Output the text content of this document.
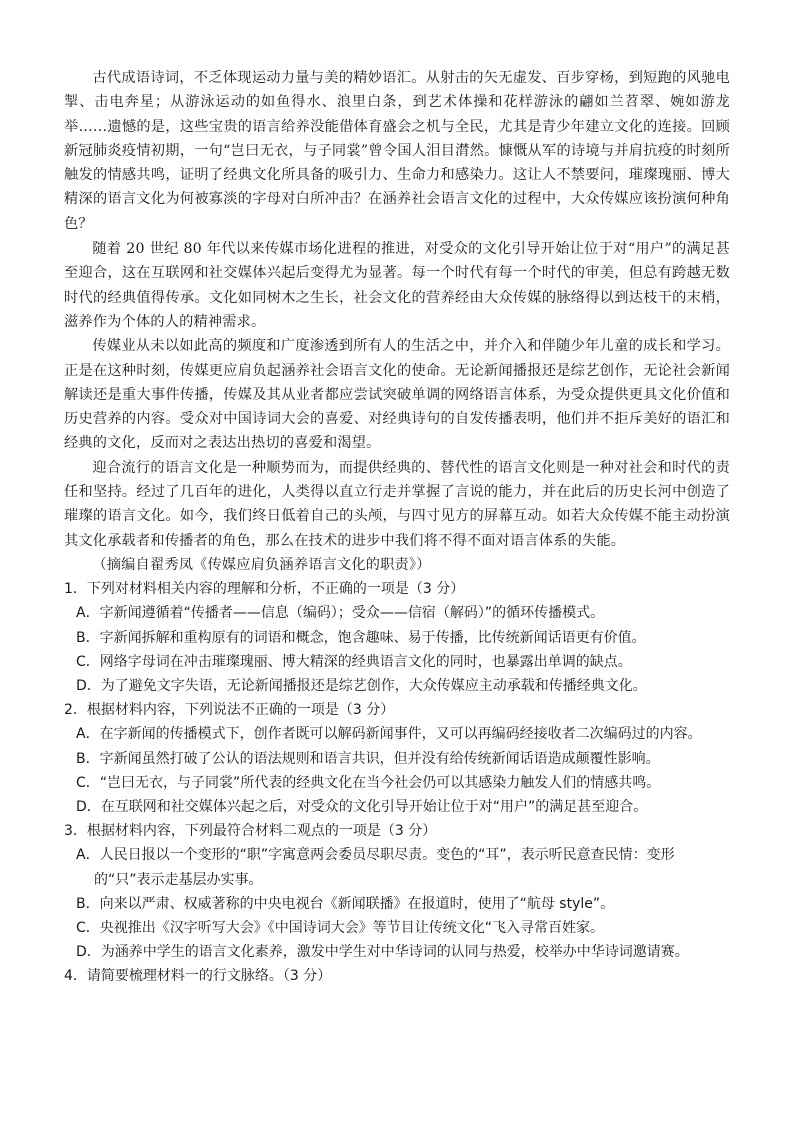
古代成语诗词，不乏体现运动力量与美的精妙语汇。从射击的矢无虚发、百步穿杨，到短跑的风驰电掣、击电奔星；从游泳运动的如鱼得水、浪里白条，到艺术体操和花样游泳的翩如兰苕翠、婉如游龙举……遗憾的是，这些宝贵的语言给养没能借体育盛会之机与全民，尤其是青少年建立文化的连接。回顾新冠肺炎疫情初期，一句“岂曰无衣，与子同裳”曾令国人泪目潸然。慷慨从军的诗境与并肩抗疫的时刻所触发的情感共鸣，证明了经典文化所具备的吸引力、生命力和感染力。这让人不禁要问，璀璨瑰丽、博大精深的语言文化为何被寡淡的字母对白所冲击？在涵养社会语言文化的过程中，大众传媒应该扮演何种角色？

随着 20 世纪 80 年代以来传媒市场化进程的推进，对受众的文化引导开始让位于对“用户”的满足甚至迎合，这在互联网和社交媒体兴起后变得尤为显著。每一个时代有每一个时代的审美，但总有跨越无数时代的经典值得传承。文化如同树木之生长，社会文化的营养经由大众传媒的脉络得以到达枝干的末梢，滋养作为个体的人的精神需求。

传媒业从未以如此高的频度和广度渗透到所有人的生活之中，并介入和伴随少年儿童的成长和学习。正是在这种时刻，传媒更应肩负起涵养社会语言文化的使命。无论新闻播报还是综艺创作，无论社会新闻解读还是重大事件传播，传媒及其从业者都应尝试突破单调的网络语言体系，为受众提供更具文化价值和历史营养的内容。受众对中国诗词大会的喜爱、对经典诗句的自发传播表明，他们并不拒斥美好的语汇和经典的文化，反而对之表达出热切的喜爱和渴望。

迎合流行的语言文化是一种顺势而为，而提供经典的、替代性的语言文化则是一种对社会和时代的责任和坚持。经过了几百年的进化，人类得以直立行走并掌握了言说的能力，并在此后的历史长河中创造了璀璨的语言文化。如今，我们终日低着自己的头颅，与四寸见方的屏幕互动。如若大众传媒不能主动扮演其文化承载者和传播者的角色，那么在技术的进步中我们将不得不面对语言体系的失能。

（摘编自翟秀凤《传媒应肩负涵养语言文化的职责》）

1．下列对材料相关内容的理解和分析，不正确的一项是（3 分）
A．字新闻遵循着“传播者——信息（编码）；受众——信宿（解码）”的循环传播模式。
B．字新闻拆解和重构原有的词语和概念，饱含趣味、易于传播，比传统新闻话语更有价值。
C．网络字母词在冲击璀璨瑰丽、博大精深的经典语言文化的同时，也暴露出单调的缺点。
D．为了避免文字失语，无论新闻播报还是综艺创作，大众传媒应主动承载和传播经典文化。
2．根据材料内容，下列说法不正确的一项是（3 分）
A．在字新闻的传播模式下，创作者既可以解码新闻事件，又可以再编码经接收者二次编码过的内容。
B．字新闻虽然打破了公认的语法规则和语言共识，但并没有给传统新闻话语造成颠覆性影响。
C．“岂曰无衣，与子同裳”所代表的经典文化在当今社会仍可以其感染力触发人们的情感共鸣。
D．在互联网和社交媒体兴起之后，对受众的文化引导开始让位于对“用户”的满足甚至迎合。
3．根据材料内容，下列最符合材料二观点的一项是（3 分）
A．人民日报以一个变形的“职”字寓意两会委员尽职尽责。变色的“耳”，表示听民意查民情：变形的“只”表示走基层办实事。
B．向来以严肃、权威著称的中央电视台《新闻联播》在报道时，使用了“航母 style”。
C．央视推出《汉字听写大会》《中国诗词大会》等节目让传统文化“飞入寻常百姓家。
D．为涵养中学生的语言文化素养，激发中学生对中华诗词的认同与热爱，校举办中华诗词邀请赛。
4．请简要梳理材料一的行文脉络。（3 分）
